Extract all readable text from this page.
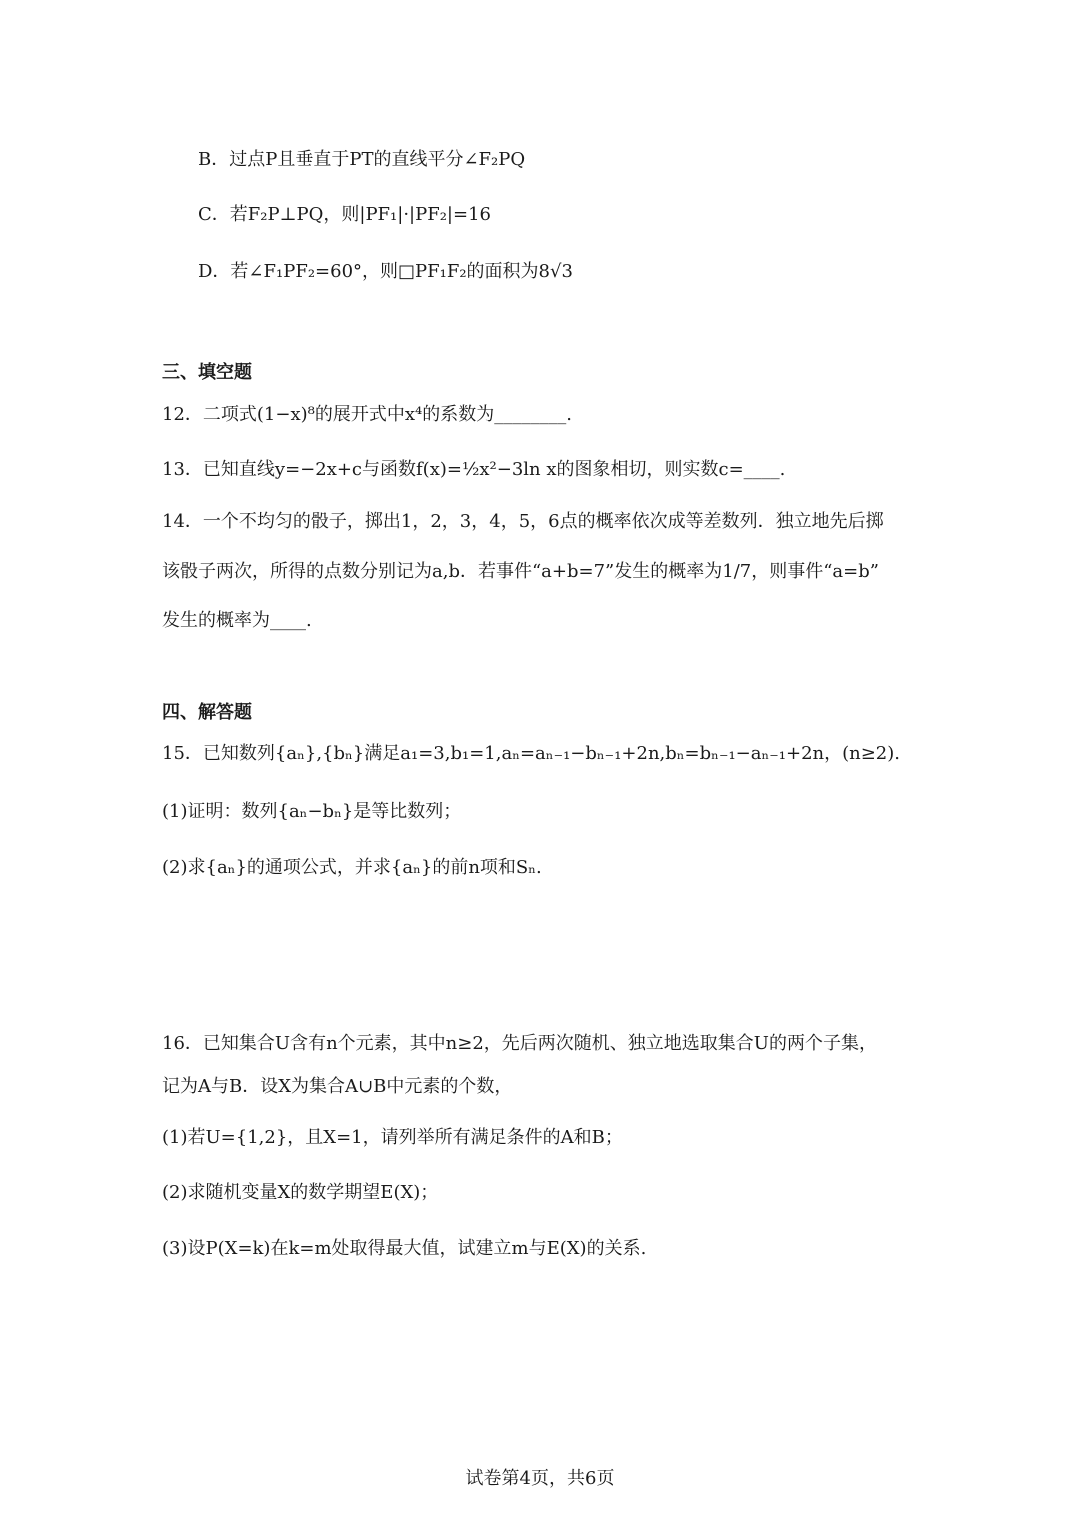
B．过点P且垂直于PT的直线平分∠F₂PQ
C．若F₂P⊥PQ，则|PF₁|·|PF₂|=16
D．若∠F₁PF₂=60°，则□PF₁F₂的面积为8√3
三、填空题
12．二项式(1−x)⁸的展开式中x⁴的系数为________.
13．已知直线y=−2x+c与函数f(x)=½x²−3ln x的图象相切，则实数c=____.
14．一个不均匀的骰子，掷出1，2，3，4，5，6点的概率依次成等差数列．独立地先后掷
该骰子两次，所得的点数分别记为a,b．若事件“a+b=7”发生的概率为1/7，则事件“a=b”
发生的概率为____.
四、解答题
15．已知数列{aₙ},{bₙ}满足a₁=3,b₁=1,aₙ=aₙ₋₁−bₙ₋₁+2n,bₙ=bₙ₋₁−aₙ₋₁+2n，(n≥2).
(1)证明：数列{aₙ−bₙ}是等比数列；
(2)求{aₙ}的通项公式，并求{aₙ}的前n项和Sₙ.
16．已知集合U含有n个元素，其中n≥2，先后两次随机、独立地选取集合U的两个子集，
记为A与B．设X为集合A∪B中元素的个数，
(1)若U={1,2}，且X=1，请列举所有满足条件的A和B；
(2)求随机变量X的数学期望E(X)；
(3)设P(X=k)在k=m处取得最大值，试建立m与E(X)的关系.
试卷第4页，共6页
